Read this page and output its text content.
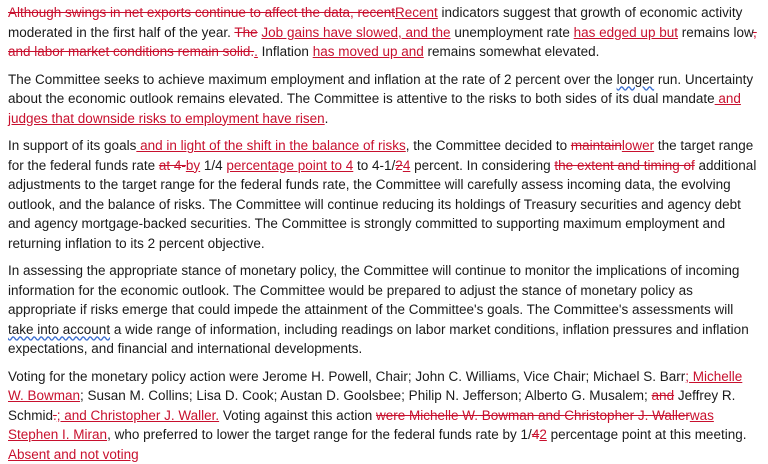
Although swings in net exports continue to affect the data, recentRecent indicators suggest that growth of economic activity moderated in the first half of the year. The Job gains have slowed, and the unemployment rate has edged up but remains low, and labor market conditions remain solid.. Inflation has moved up and remains somewhat elevated.

The Committee seeks to achieve maximum employment and inflation at the rate of 2 percent over the longer run. Uncertainty about the economic outlook remains elevated. The Committee is attentive to the risks to both sides of its dual mandate and judges that downside risks to employment have risen.

In support of its goals and in light of the shift in the balance of risks, the Committee decided to maintainlower the target range for the federal funds rate at 4-by 1/4 percentage point to 4 to 4-1/24 percent. In considering the extent and timing of additional adjustments to the target range for the federal funds rate, the Committee will carefully assess incoming data, the evolving outlook, and the balance of risks. The Committee will continue reducing its holdings of Treasury securities and agency debt and agency mortgage-backed securities. The Committee is strongly committed to supporting maximum employment and returning inflation to its 2 percent objective.

In assessing the appropriate stance of monetary policy, the Committee will continue to monitor the implications of incoming information for the economic outlook. The Committee would be prepared to adjust the stance of monetary policy as appropriate if risks emerge that could impede the attainment of the Committee's goals. The Committee's assessments will take into account a wide range of information, including readings on labor market conditions, inflation pressures and inflation expectations, and financial and international developments.

Voting for the monetary policy action were Jerome H. Powell, Chair; John C. Williams, Vice Chair; Michael S. Barr; Michelle W. Bowman; Susan M. Collins; Lisa D. Cook; Austan D. Goolsbee; Philip N. Jefferson; Alberto G. Musalem; and Jeffrey R. Schmid.; and Christopher J. Waller. Voting against this action were Michelle W. Bowman and Christopher J. Wallerwas Stephen I. Miran, who preferred to lower the target range for the federal funds rate by 1/42 percentage point at this meeting. Absent and not voting
